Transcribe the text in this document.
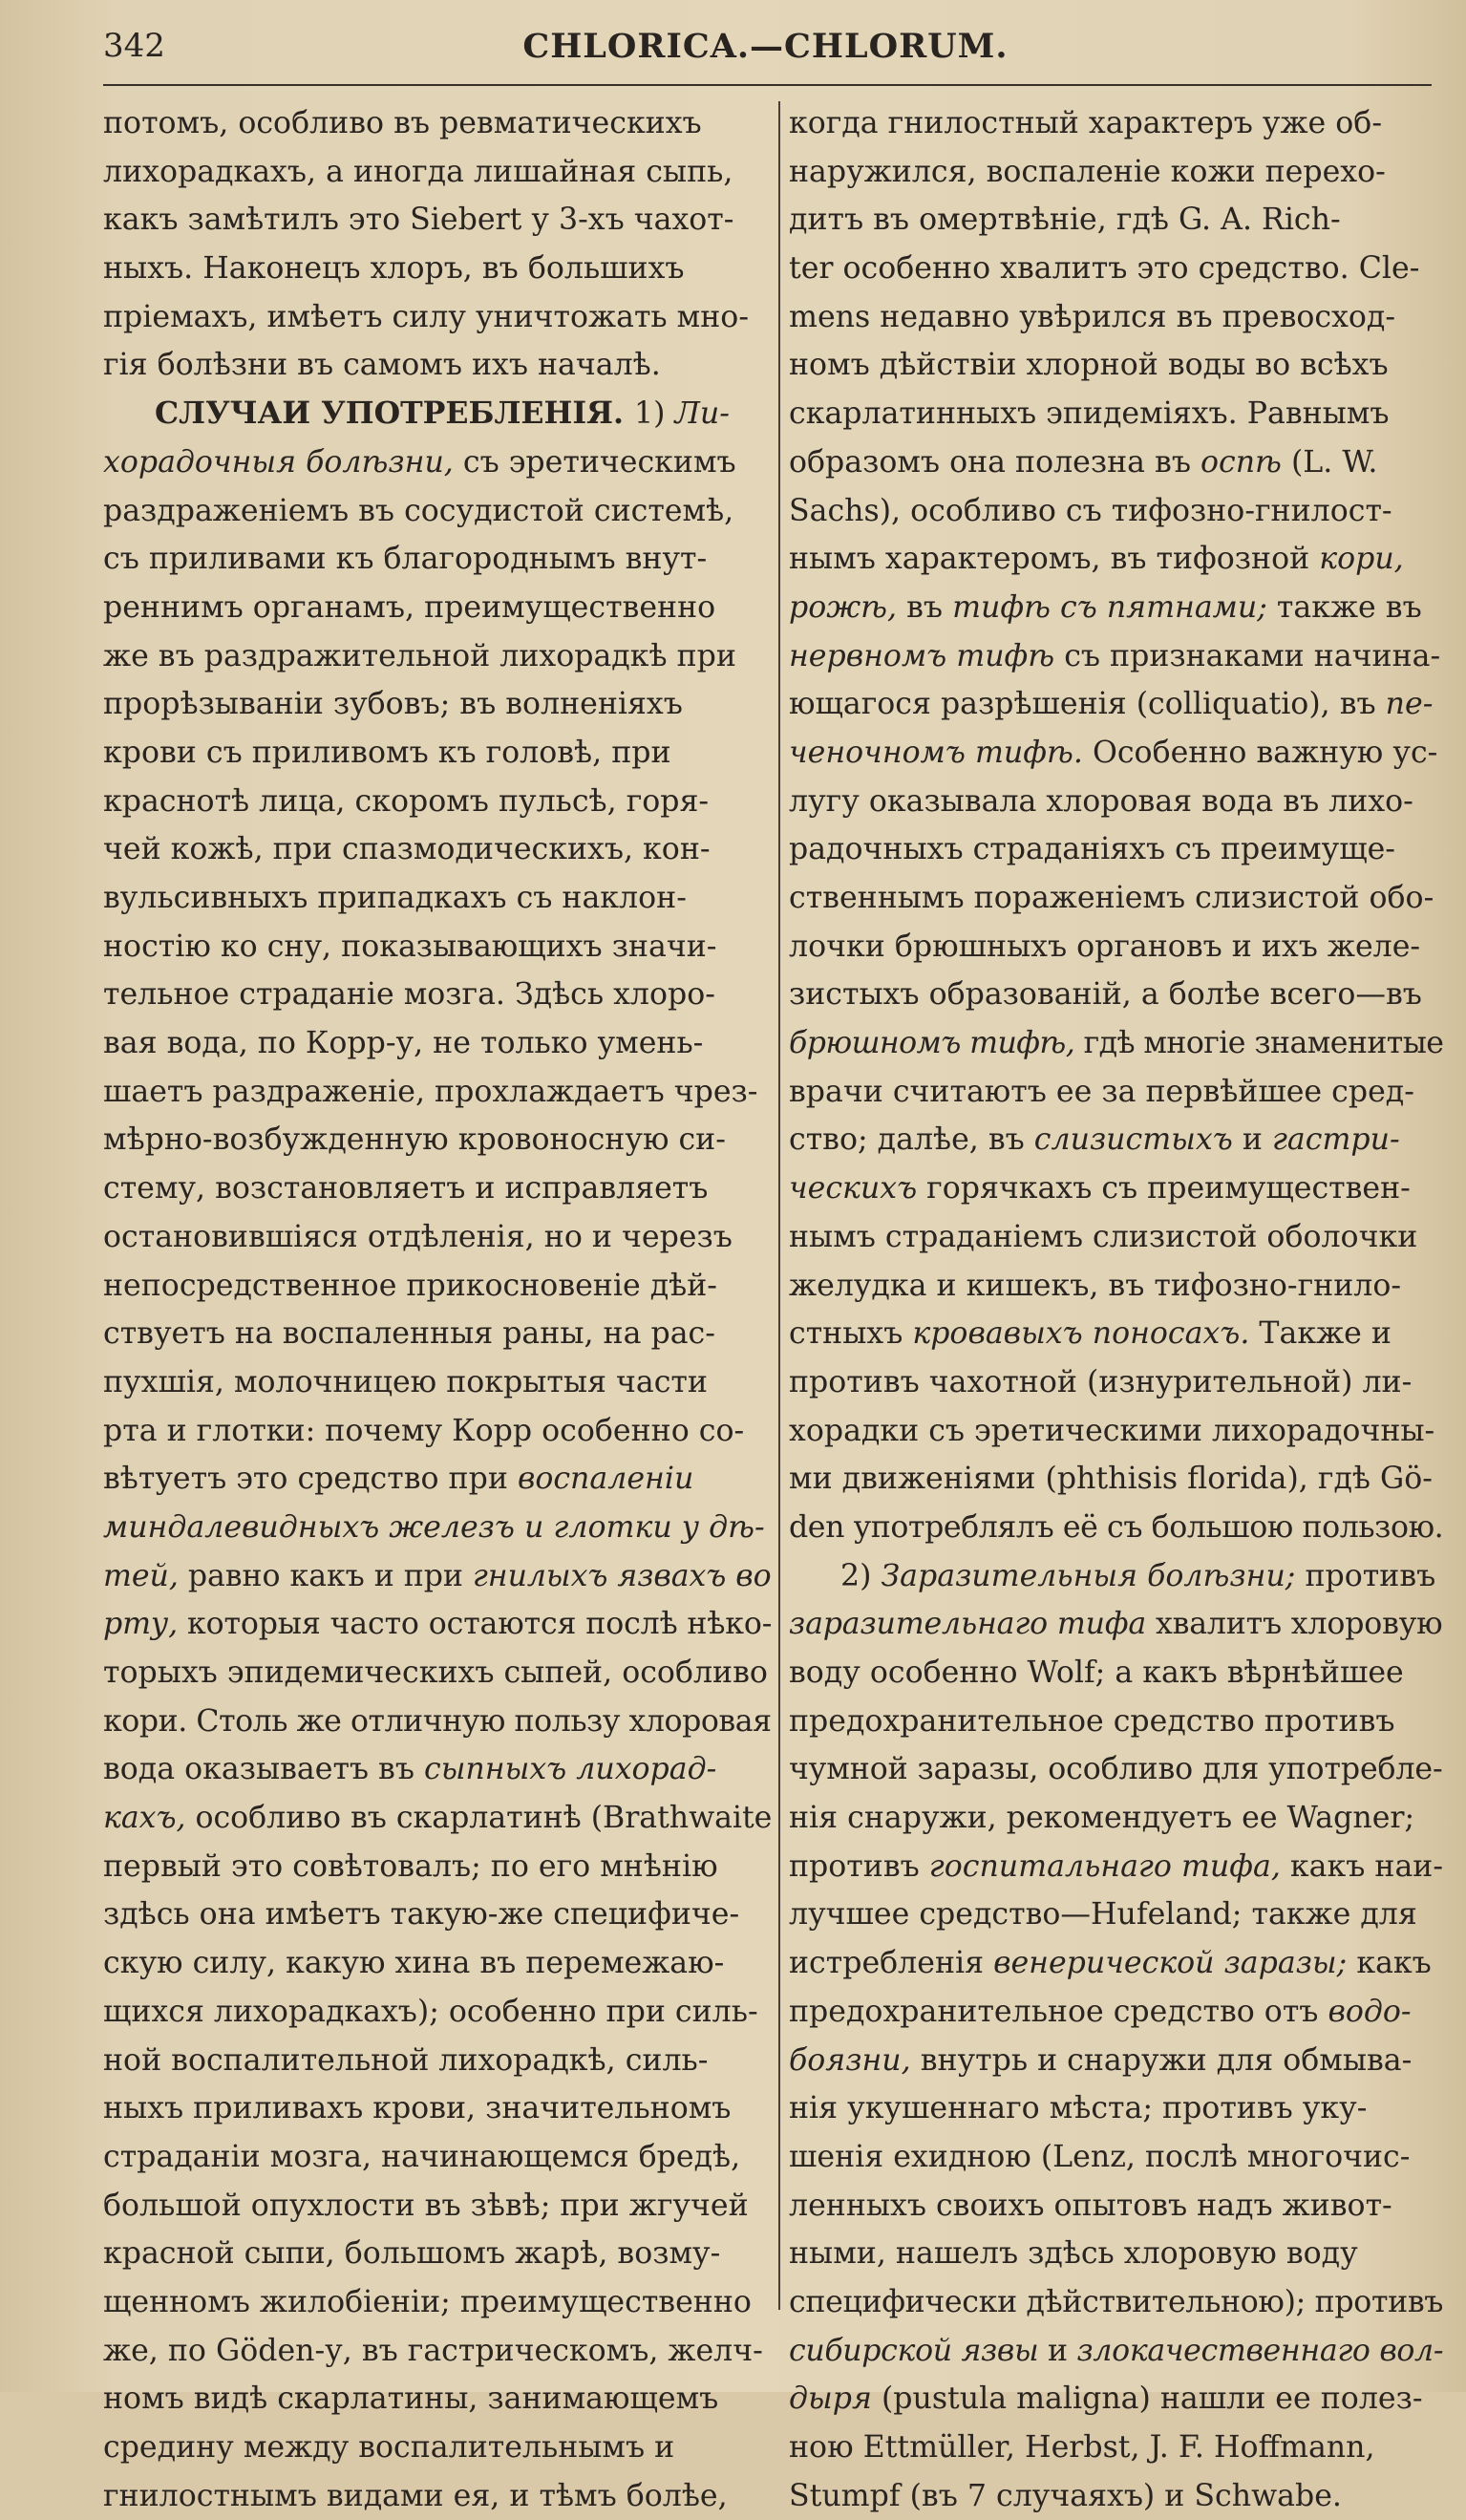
342	CHLORICA.—CHLORUM.
потомъ, особливо въ ревматическихъ
лихорадкахъ, а иногда лишайная сыпь,
какъ замѣтилъ это Siebert у 3-хъ чахот-
ныхъ. Наконецъ хлоръ, въ большихъ
пріемахъ, имѣетъ силу уничтожать мно-
гія болѣзни въ самомъ ихъ началѣ.
СЛУЧАИ УПОТРЕБЛЕНІЯ. 1) Ли-
хорадочныя болѣзни, съ эретическимъ
раздраженіемъ въ сосудистой системѣ,
съ приливами къ благороднымъ внут-
реннимъ органамъ, преимущественно
же въ раздражительной лихорадкѣ при
прорѣзываніи зубовъ; въ волненіяхъ
крови съ приливомъ къ головѣ, при
краснотѣ лица, скоромъ пульсѣ, горя-
чей кожѣ, при спазмодическихъ, кон-
вульсивныхъ припадкахъ съ наклон-
ностію ко сну, показывающихъ значи-
тельное страданіе мозга. Здѣсь хлоро-
вая вода, по Корр-у, не только умень-
шаетъ раздраженіе, прохлаждаетъ чрез-
мѣрно-возбужденную кровоносную си-
стему, возстановляетъ и исправляетъ
остановившіяся отдѣленія, но и черезъ
непосредственное прикосновеніе дѣй-
ствуетъ на воспаленныя раны, на рас-
пухшія, молочницею покрытыя части
рта и глотки: почему Корр особенно со-
вѣтуетъ это средство при воспаленіи
миндалевидныхъ железъ и глотки у дѣ-
тей, равно какъ и при гнилыхъ язвахъ во
рту, которыя часто остаются послѣ нѣко-
торыхъ эпидемическихъ сыпей, особливо
кори. Столь же отличную пользу хлоровая
вода оказываетъ въ сыпныхъ лихорад-
кахъ, особливо въ скарлатинѣ (Brathwaite
первый это совѣтовалъ; по его мнѣнію
здѣсь она имѣетъ такую-же специфиче-
скую силу, какую хина въ перемежаю-
щихся лихорадкахъ); особенно при силь-
ной воспалительной лихорадкѣ, силь-
ныхъ приливахъ крови, значительномъ
страданіи мозга, начинающемся бредѣ,
большой опухлости въ зѣвѣ; при жгучей
красной сыпи, большомъ жарѣ, возму-
щенномъ жилобіеніи; преимущественно
же, по Göden-у, въ гастрическомъ, желч-
номъ видѣ скарлатины, занимающемъ
средину между воспалительнымъ и
гнилостнымъ видами ея, и тѣмъ болѣе,
когда гнилостный характеръ уже об-
наружился, воспаленіе кожи перехо-
дитъ въ омертвѣніе, гдѣ G. A. Rich-
ter особенно хвалитъ это средство. Cle-
mens недавно увѣрился въ превосход-
номъ дѣйствіи хлорной воды во всѣхъ
скарлатинныхъ эпидеміяхъ. Равнымъ
образомъ она полезна въ оспѣ (L. W.
Sachs), особливо съ тифозно-гнилост-
нымъ характеромъ, въ тифозной кори,
рожѣ, въ тифѣ съ пятнами; также въ
нервномъ тифѣ съ признаками начина-
ющагося разрѣшенія (colliquatio), въ пе-
ченочномъ тифѣ. Особенно важную ус-
лугу оказывала хлоровая вода въ лихо-
радочныхъ страданіяхъ съ преимуще-
ственнымъ пораженіемъ слизистой обо-
лочки брюшныхъ органовъ и ихъ желе-
зистыхъ образованій, а болѣе всего—въ
брюшномъ тифѣ, гдѣ многіе знаменитые
врачи считаютъ ее за первѣйшее сред-
ство; далѣе, въ слизистыхъ и гастри-
ческихъ горячкахъ съ преимуществен-
нымъ страданіемъ слизистой оболочки
желудка и кишекъ, въ тифозно-гнило-
стныхъ кровавыхъ поносахъ. Также и
противъ чахотной (изнурительной) ли-
хорадки съ эретическими лихорадочны-
ми движеніями (phthisis florida), гдѣ Gö-
den употреблялъ её съ большою пользою.
2) Заразительныя болѣзни; противъ
заразительнаго тифа хвалитъ хлоровую
воду особенно Wolf; а какъ вѣрнѣйшее
предохранительное средство противъ
чумной заразы, особливо для употребле-
нія снаружи, рекомендуетъ ее Wagner;
противъ госпитальнаго тифа, какъ наи-
лучшее средство—Hufeland; также для
истребленія венерической заразы; какъ
предохранительное средство отъ водо-
боязни, внутрь и снаружи для обмыва-
нія укушеннаго мѣста; противъ уку-
шенія ехидною (Lenz, послѣ многочис-
ленныхъ своихъ опытовъ надъ живот-
ными, нашелъ здѣсь хлоровую воду
специфически дѣйствительною); противъ
сибирской язвы и злокачественнаго вол-
дыря (pustula maligna) нашли ее полез-
ною Ettmüller, Herbst, J. F. Hoffmann,
Stumpf (въ 7 случаяхъ) и Schwabe.
